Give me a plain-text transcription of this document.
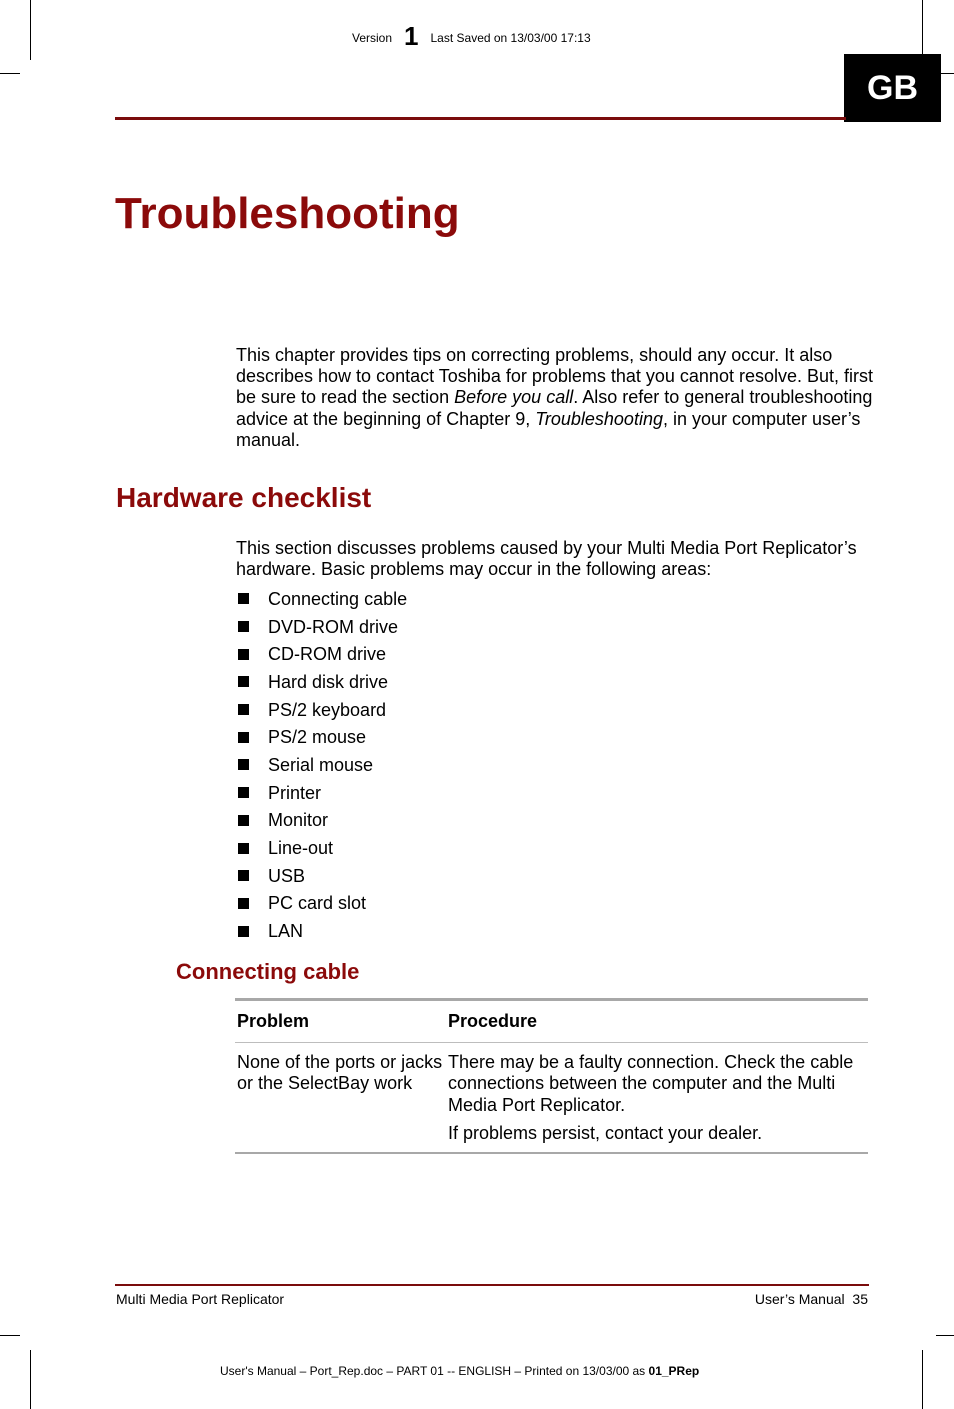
Version 1 Last Saved on 13/03/00 17:13
GB
Troubleshooting
This chapter provides tips on correcting problems, should any occur. It also describes how to contact Toshiba for problems that you cannot resolve. But, first be sure to read the section Before you call. Also refer to general troubleshooting advice at the beginning of Chapter 9, Troubleshooting, in your computer user’s manual.
Hardware checklist
This section discusses problems caused by your Multi Media Port Replicator’s hardware. Basic problems may occur in the following areas:
Connecting cable
DVD-ROM drive
CD-ROM drive
Hard disk drive
PS/2 keyboard
PS/2 mouse
Serial mouse
Printer
Monitor
Line-out
USB
PC card slot
LAN
Connecting cable
Problem	Procedure
None of the ports or jacks or the SelectBay work	There may be a faulty connection. Check the cable connections between the computer and the Multi Media Port Replicator.

If problems persist, contact your dealer.

Multi Media Port Replicator	User’s Manual  35
User's Manual – Port_Rep.doc – PART 01 -- ENGLISH – Printed on 13/03/00 as 01_PRep
